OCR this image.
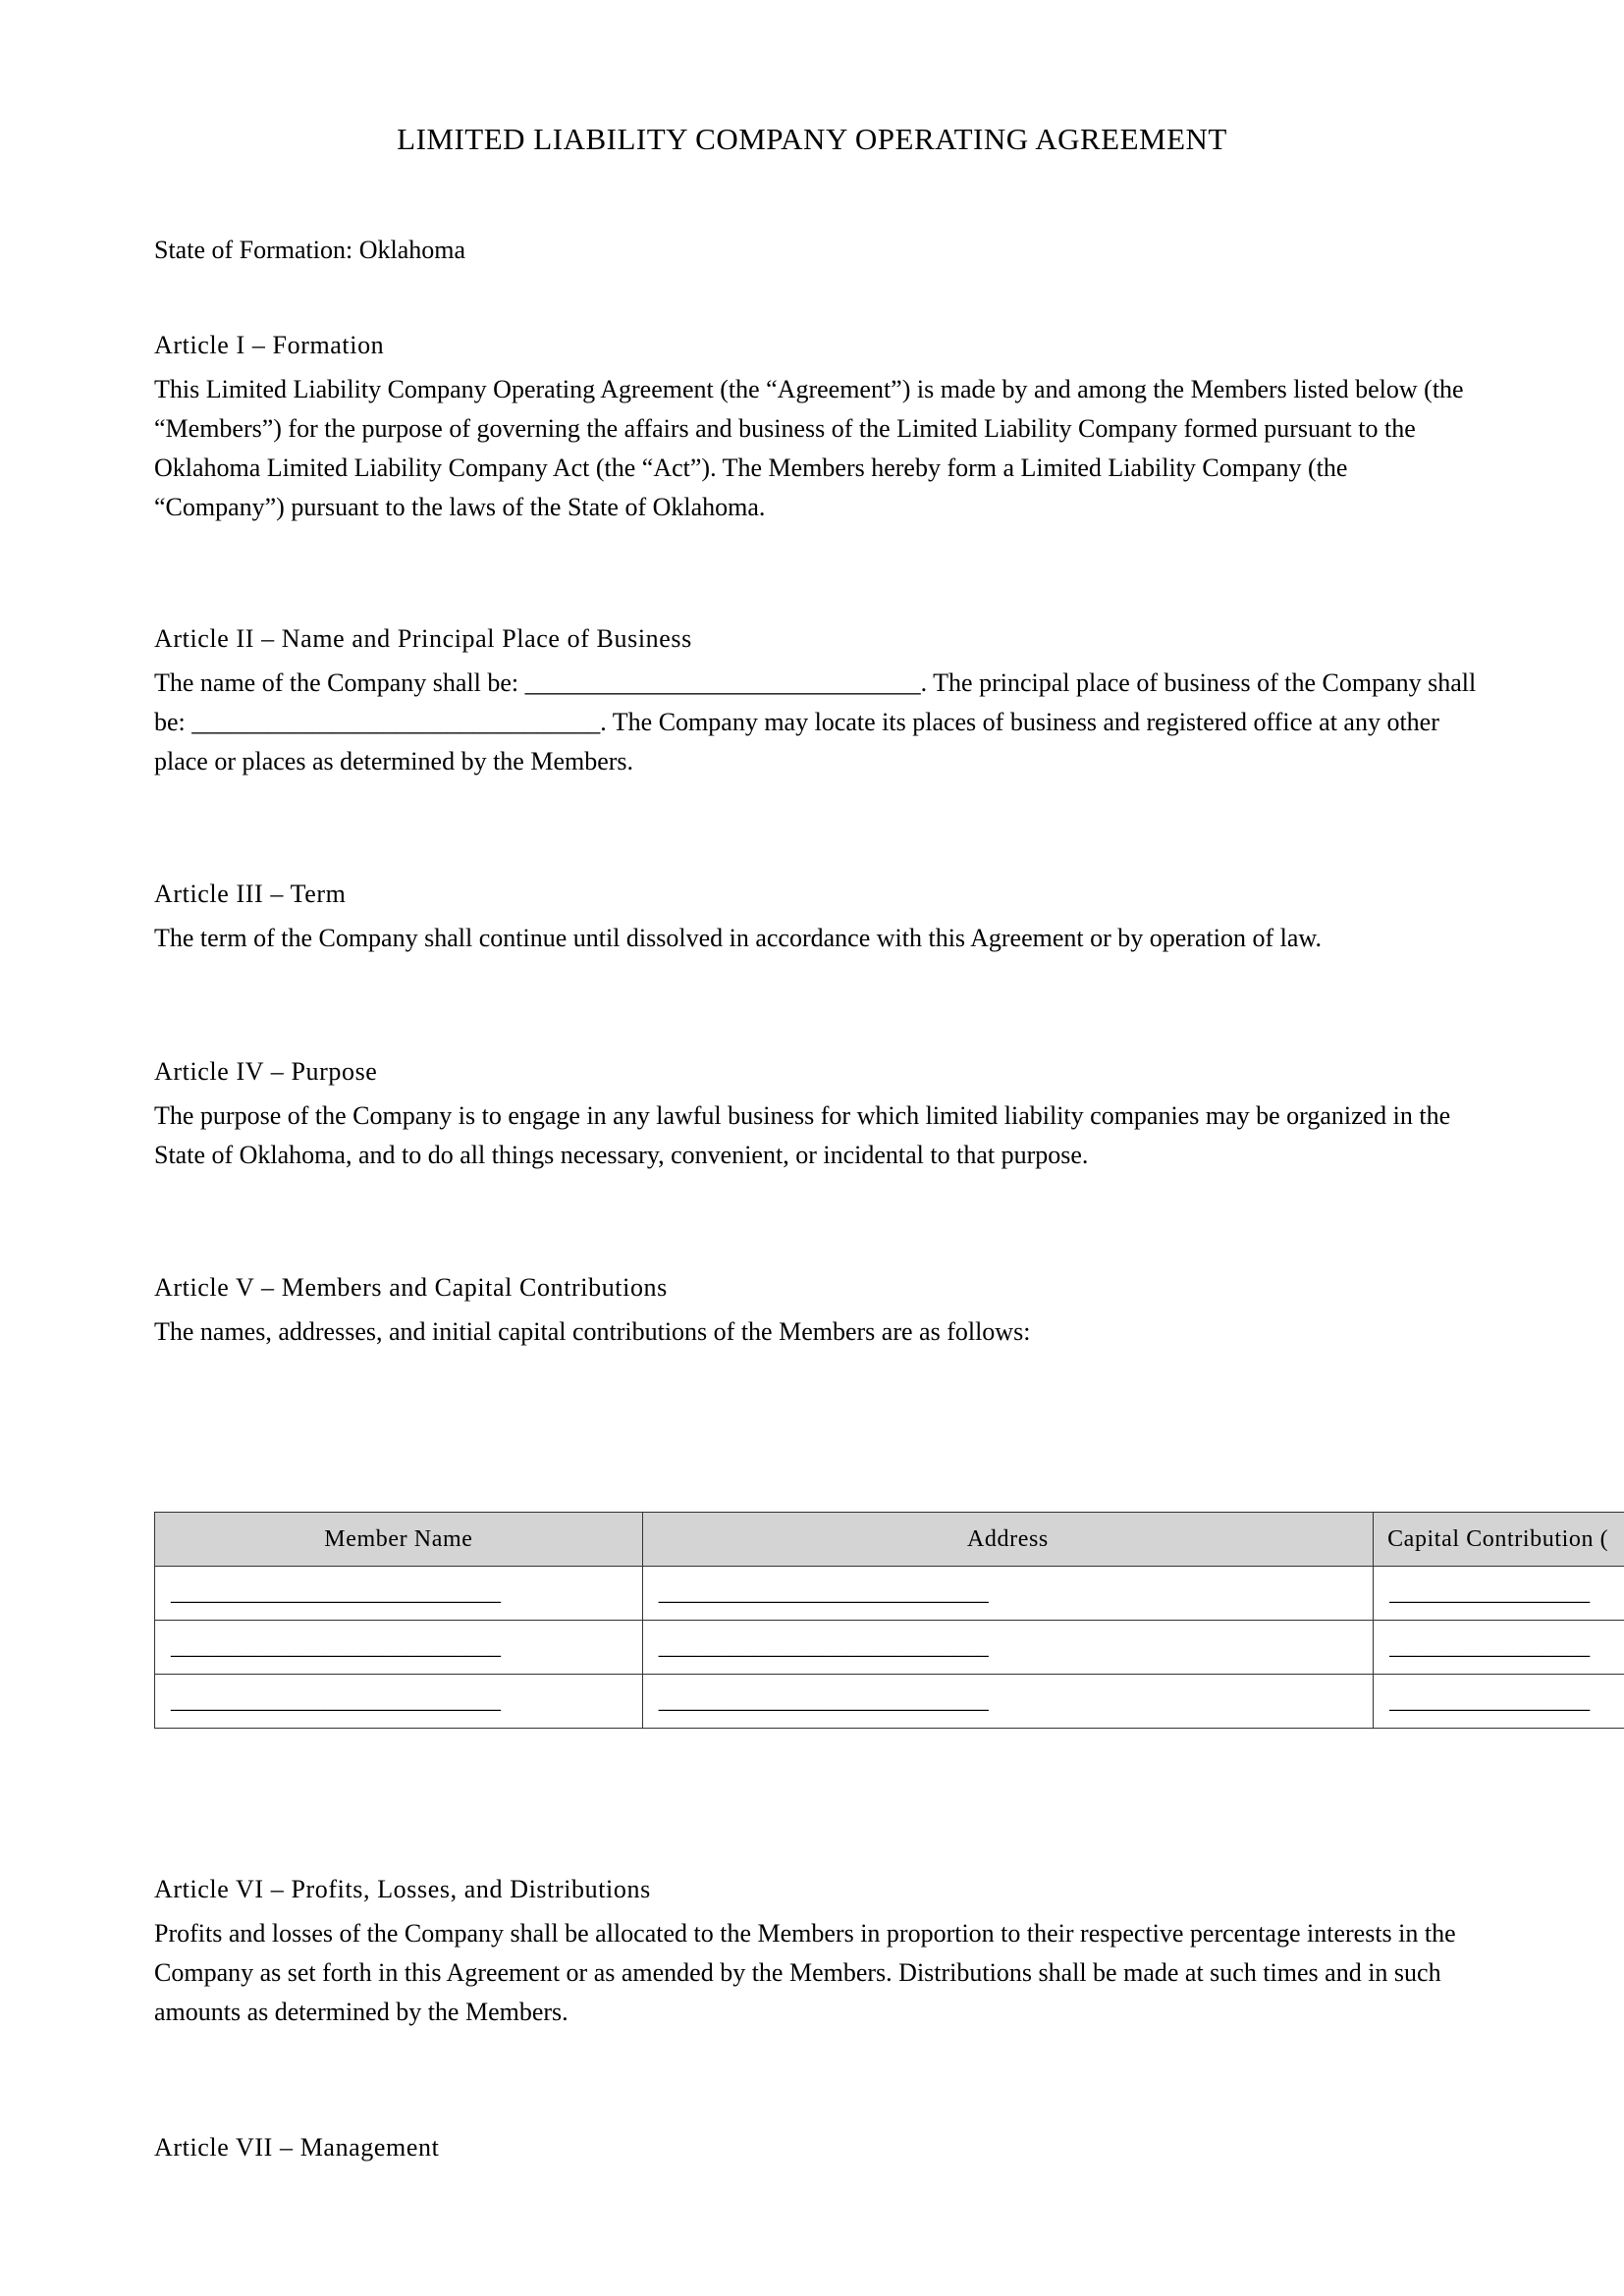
LIMITED LIABILITY COMPANY OPERATING AGREEMENT

State of Formation: Oklahoma

Article I – Formation

This Limited Liability Company Operating Agreement (the “Agreement”) is made by and among the Members listed below (the “Members”) for the purpose of governing the affairs and business of the Limited Liability Company formed pursuant to the Oklahoma Limited Liability Company Act (the “Act”). The Members hereby form a Limited Liability Company (the “Company”) pursuant to the laws of the State of Oklahoma.

Article II – Name and Principal Place of Business

The name of the Company shall be: _______________________________. The principal place of business of the Company shall be: ________________________________. The Company may locate its places of business and registered office at any other place or places as determined by the Members.

Article III – Term

The term of the Company shall continue until dissolved in accordance with this Agreement or by operation of law.

Article IV – Purpose

The purpose of the Company is to engage in any lawful business for which limited liability companies may be organized in the State of Oklahoma, and to do all things necessary, convenient, or incidental to that purpose.

Article V – Members and Capital Contributions

The names, addresses, and initial capital contributions of the Members are as follows:

Member Name	Address	Capital Contribution (
____________________________	____________________________	_________________
____________________________	____________________________	_________________
____________________________	____________________________	_________________
Article VI – Profits, Losses, and Distributions

Profits and losses of the Company shall be allocated to the Members in proportion to their respective percentage interests in the Company as set forth in this Agreement or as amended by the Members. Distributions shall be made at such times and in such amounts as determined by the Members.

Article VII – Management
